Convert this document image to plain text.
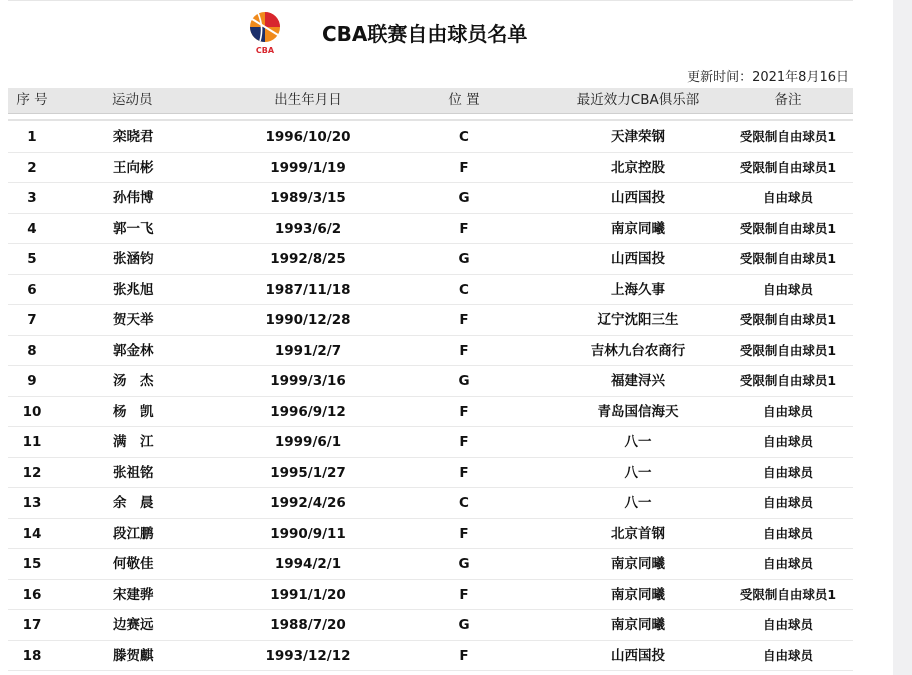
CBA
CBA联赛自由球员名单
更新时间：2021年8月16日
序 号	运动员	出生年月日	位 置	最近效力CBA俱乐部	备注
1	栾晓君	1996/10/20	C	天津荣钢	受限制自由球员1
2	王向彬	1999/1/19	F	北京控股	受限制自由球员1
3	孙伟博	1989/3/15	G	山西国投	自由球员
4	郭一飞	1993/6/2	F	南京同曦	受限制自由球员1
5	张涵钧	1992/8/25	G	山西国投	受限制自由球员1
6	张兆旭	1987/11/18	C	上海久事	自由球员
7	贺天举	1990/12/28	F	辽宁沈阳三生	受限制自由球员1
8	郭金林	1991/2/7	F	吉林九台农商行	受限制自由球员1
9	汤　杰	1999/3/16	G	福建浔兴	受限制自由球员1
10	杨　凯	1996/9/12	F	青岛国信海天	自由球员
11	满　江	1999/6/1	F	八一	自由球员
12	张祖铭	1995/1/27	F	八一	自由球员
13	余　晨	1992/4/26	C	八一	自由球员
14	段江鹏	1990/9/11	F	北京首钢	自由球员
15	何敬佳	1994/2/1	G	南京同曦	自由球员
16	宋建骅	1991/1/20	F	南京同曦	受限制自由球员1
17	边赛远	1988/7/20	G	南京同曦	自由球员
18	滕贺麒	1993/12/12	F	山西国投	自由球员
